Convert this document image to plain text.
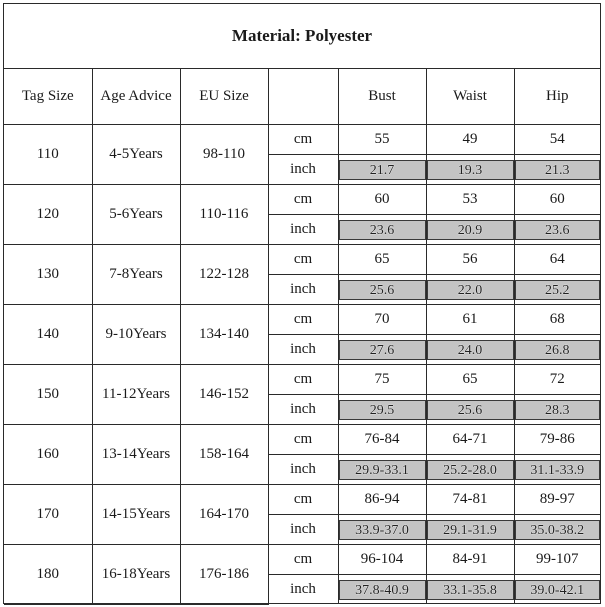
Material: Polyester
Tag Size	Age Advice	EU Size		Bust	Waist	Hip
110	4-5Years	98-110	cm	55	49	54
			inch	21.7	19.3	21.3

120	5-6Years	110-116	cm	60	53	60
			inch	23.6	20.9	23.6

130	7-8Years	122-128	cm	65	56	64
			inch	25.6	22.0	25.2

140	9-10Years	134-140	cm	70	61	68
			inch	27.6	24.0	26.8

150	11-12Years	146-152	cm	75	65	72
			inch	29.5	25.6	28.3

160	13-14Years	158-164	cm	76-84	64-71	79-86
			inch	29.9-33.1	25.2-28.0	31.1-33.9

170	14-15Years	164-170	cm	86-94	74-81	89-97
			inch	33.9-37.0	29.1-31.9	35.0-38.2

180	16-18Years	176-186	cm	96-104	84-91	99-107
			inch	37.8-40.9	33.1-35.8	39.0-42.1
